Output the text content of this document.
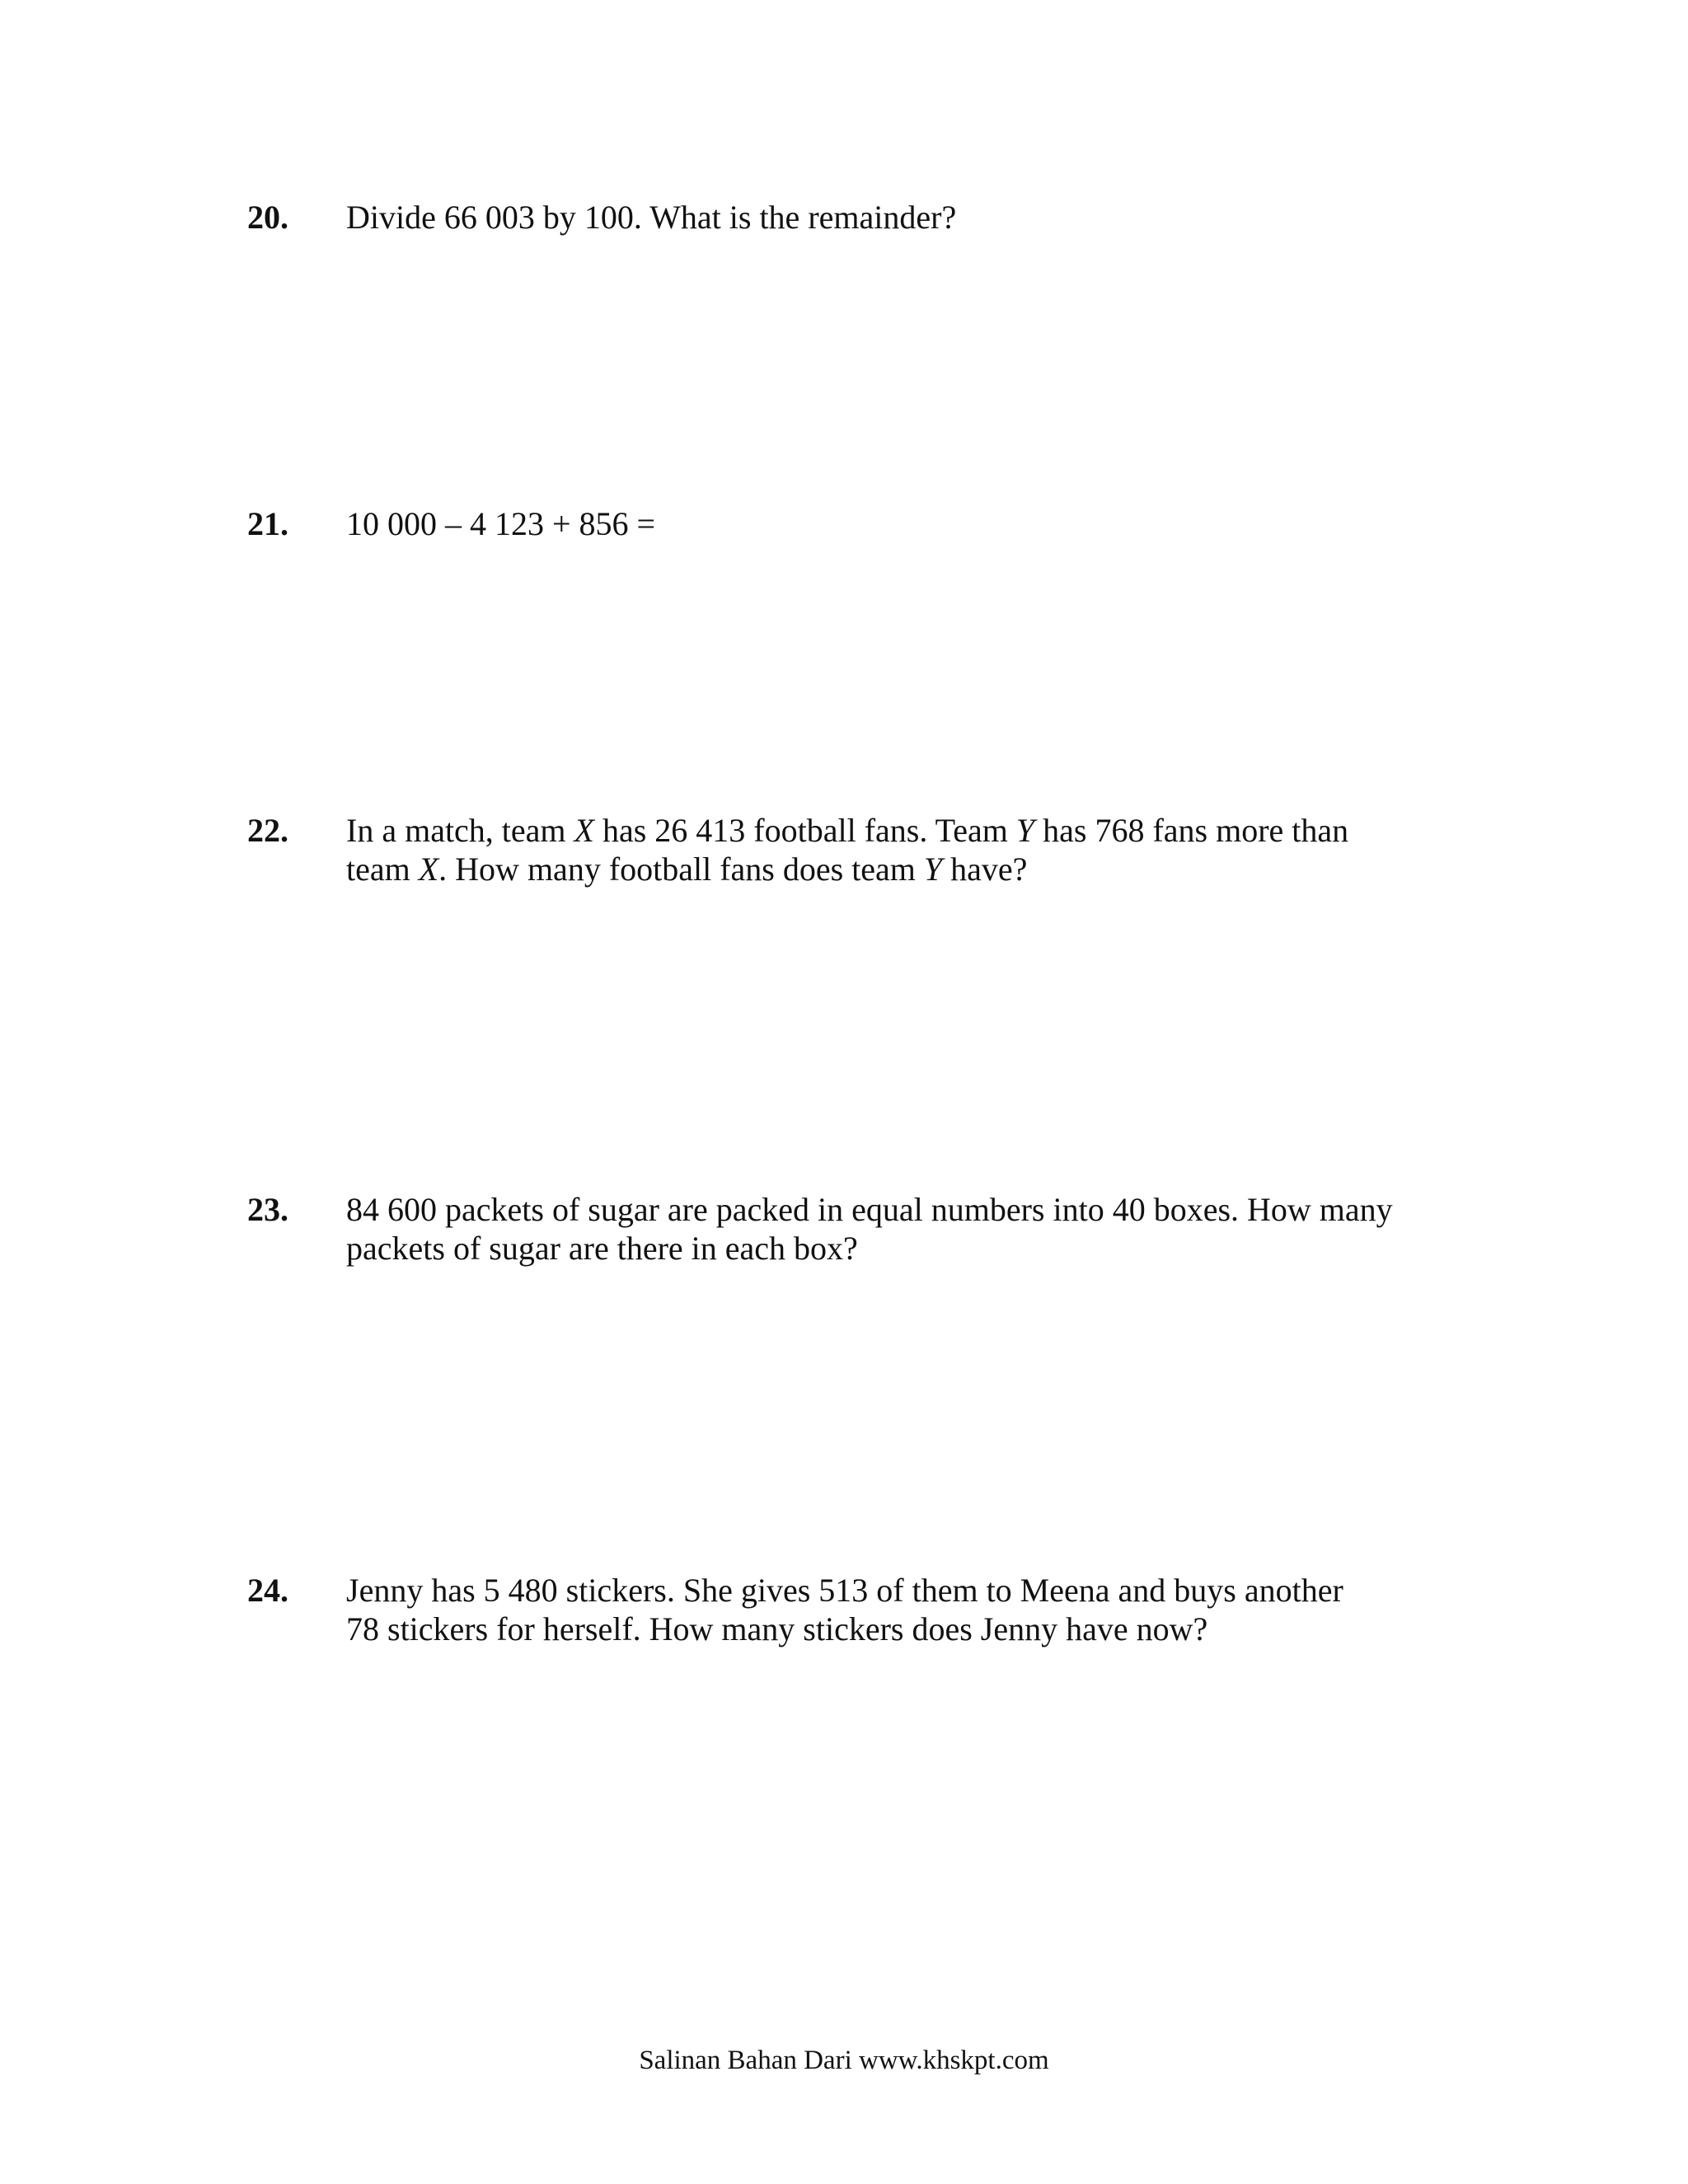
20. Divide 66 003 by 100. What is the remainder?
21. 10 000 – 4 123 + 856 =
22. In a match, team X has 26 413 football fans. Team Y has 768 fans more than
team X. How many football fans does team Y have?
23. 84 600 packets of sugar are packed in equal numbers into 40 boxes. How many
packets of sugar are there in each box?
24. Jenny has 5 480 stickers. She gives 513 of them to Meena and buys another
78 stickers for herself. How many stickers does Jenny have now?
Salinan Bahan Dari www.khskpt.com
